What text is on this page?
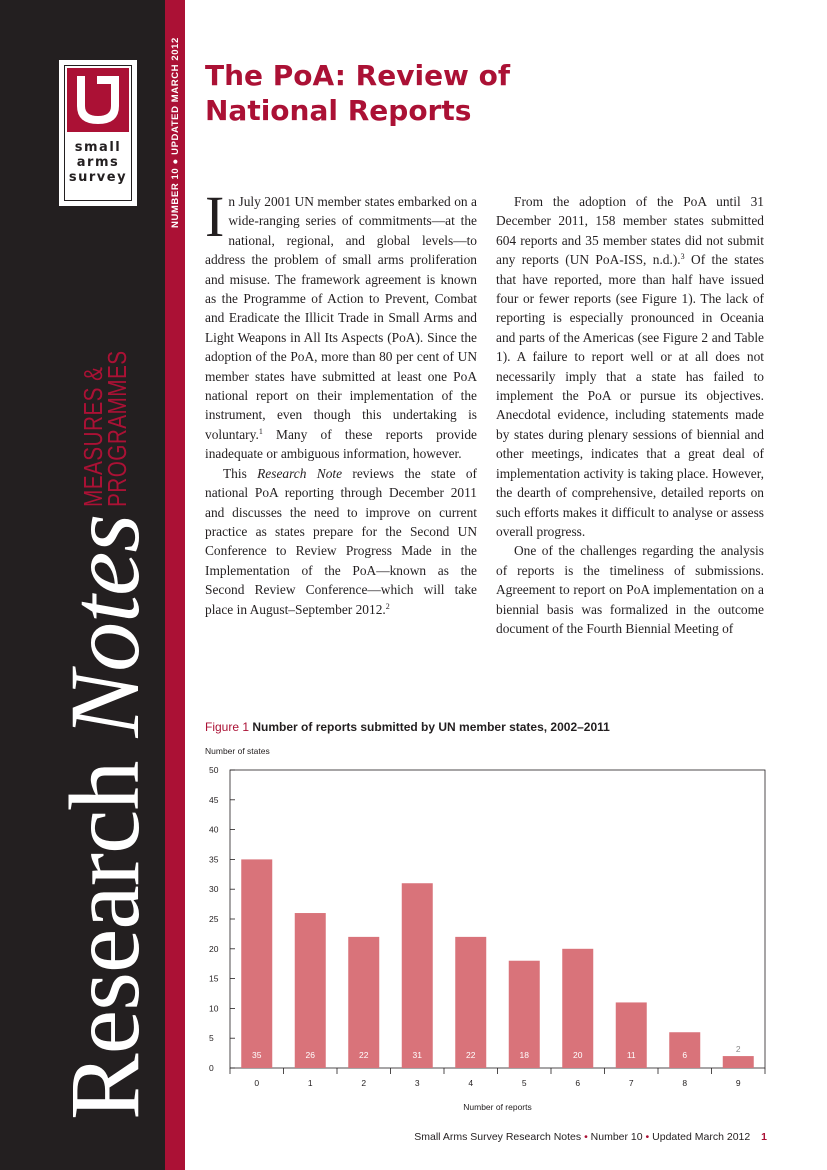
small
arms
survey
Research Notes
MEASURES &
PROGRAMMES
NUMBER 10 ● UPDATED MARCH 2012 The PoA: Review of National Reports

In July 2001 UN member states embarked on a wide-ranging series of commitments—at the national, regional, and global levels—to address the problem of small arms proliferation and misuse. The framework agreement is known as the Programme of Action to Prevent, Combat and Eradicate the Illicit Trade in Small Arms and Light Weapons in All Its Aspects (PoA). Since the adoption of the PoA, more than 80 per cent of UN member states have submitted at least one PoA national report on their implementation of the instrument, even though this undertaking is voluntary.$^1$ Many of these reports provide inadequate or ambiguous information, however.

This Research Note reviews the state of national PoA reporting through December 2011 and discusses the need to improve on current practice as states prepare for the Second UN Conference to Review Progress Made in the Implementation of the PoA—known as the Second Review Conference—which will take place in August–September 2012.$^2$

From the adoption of the PoA until 31 December 2011, 158 member states submitted 604 reports and 35 member states did not submit any reports (UN PoA-ISS, n.d.).$^3$ Of the states that have reported, more than half have issued four or fewer reports (see Figure 1). The lack of reporting is especially pronounced in Oceania and parts of the Americas (see Figure 2 and Table 1). A failure to report well or at all does not necessarily imply that a state has failed to implement the PoA or pursue its objectives. Anecdotal evidence, including statements made by states during plenary sessions of biennial and other meetings, indicates that a great deal of implementation activity is taking place. However, the dearth of comprehensive, detailed reports on such efforts makes it difficult to analyse or assess overall progress.

One of the challenges regarding the analysis of reports is the timeliness of submissions. Agreement to report on PoA implementation on a biennial basis was formalized in the outcome document of the Fourth Biennial Meeting of

Figure 1 Number of reports submitted by UN member states, 2002–2011
Number of states
0
5
10
15
20
25
30
35
40
45
50
0	1	2	3	4	5	6	7	8	9
35	26	22	31	22	18	20	11	6
2
Number of reports
Small Arms Survey Research Notes • Number 10 • Updated March 2012 1
